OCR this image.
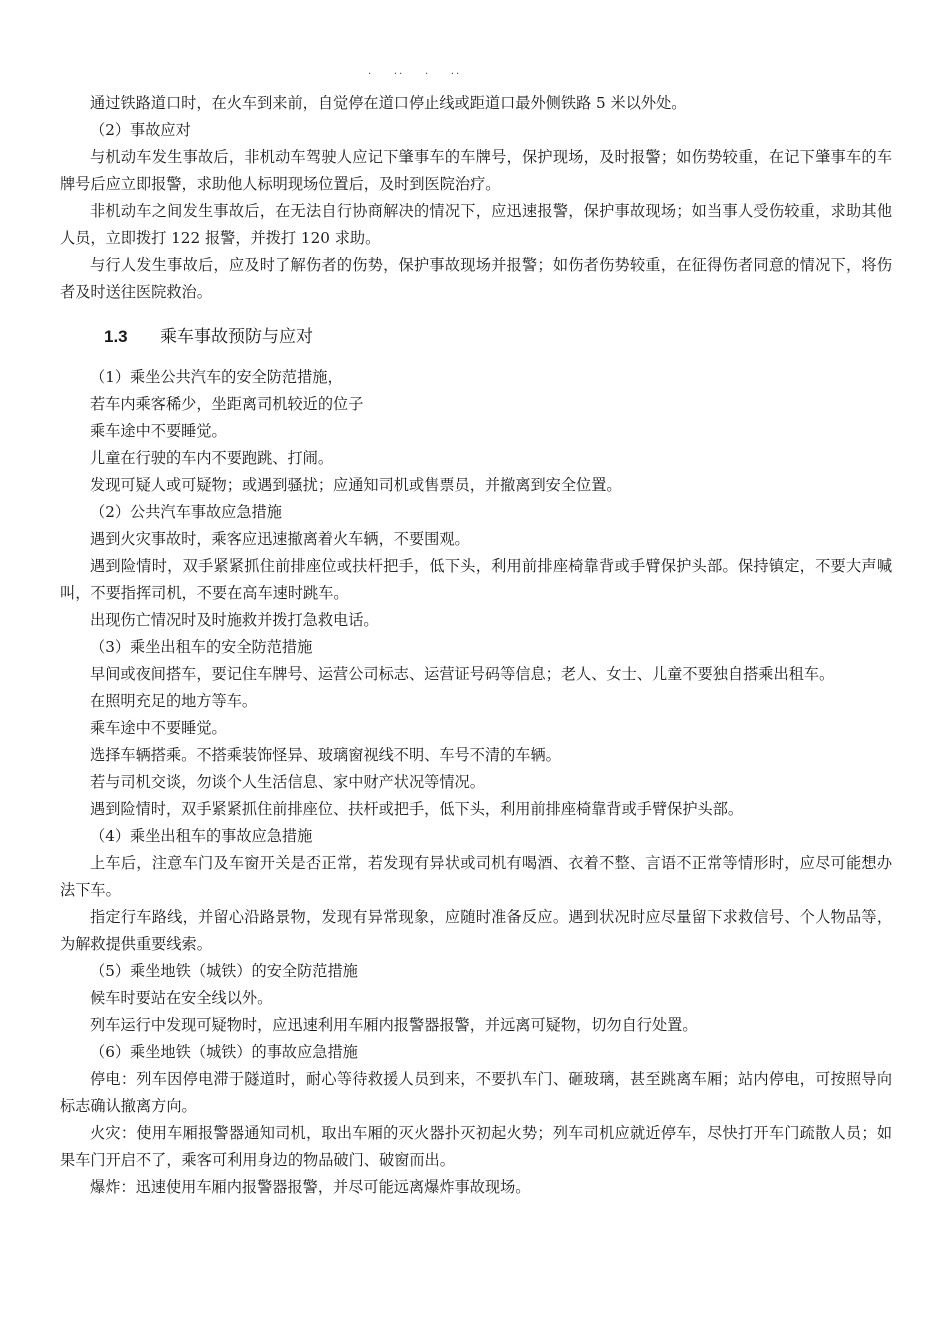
.    ..    .    ..

通过铁路道口时，在火车到来前，自觉停在道口停止线或距道口最外侧铁路 5 米以外处。

（2）事故应对

与机动车发生事故后，非机动车驾驶人应记下肇事车的车牌号，保护现场，及时报警；如伤势较重，在记下肇事车的车牌号后应立即报警，求助他人标明现场位置后，及时到医院治疗。

非机动车之间发生事故后，在无法自行协商解决的情况下，应迅速报警，保护事故现场；如当事人受伤较重，求助其他人员，立即拨打 122 报警，并拨打 120 求助。

与行人发生事故后，应及时了解伤者的伤势，保护事故现场并报警；如伤者伤势较重，在征得伤者同意的情况下，将伤者及时送往医院救治。

1.3 乘车事故预防与应对

（1）乘坐公共汽车的安全防范措施，

若车内乘客稀少，坐距离司机较近的位子

乘车途中不要睡觉。

儿童在行驶的车内不要跑跳、打闹。

发现可疑人或可疑物；或遇到骚扰；应通知司机或售票员，并撤离到安全位置。

（2）公共汽车事故应急措施

遇到火灾事故时，乘客应迅速撤离着火车辆，不要围观。

遇到险情时，双手紧紧抓住前排座位或扶杆把手，低下头，利用前排座椅靠背或手臂保护头部。保持镇定，不要大声喊叫，不要指挥司机，不要在高车速时跳车。

出现伤亡情况时及时施救并拨打急救电话。

（3）乘坐出租车的安全防范措施

早间或夜间搭车，要记住车牌号、运营公司标志、运营证号码等信息；老人、女士、儿童不要独自搭乘出租车。

在照明充足的地方等车。

乘车途中不要睡觉。

选择车辆搭乘。不搭乘装饰怪异、玻璃窗视线不明、车号不清的车辆。

若与司机交谈，勿谈个人生活信息、家中财产状况等情况。

遇到险情时，双手紧紧抓住前排座位、扶杆或把手，低下头，利用前排座椅靠背或手臂保护头部。

（4）乘坐出租车的事故应急措施

上车后，注意车门及车窗开关是否正常，若发现有异状或司机有喝酒、衣着不整、言语不正常等情形时，应尽可能想办法下车。

指定行车路线，并留心沿路景物，发现有异常现象，应随时准备反应。遇到状况时应尽量留下求救信号、个人物品等，为解救提供重要线索。

（5）乘坐地铁（城铁）的安全防范措施

候车时要站在安全线以外。

列车运行中发现可疑物时，应迅速利用车厢内报警器报警，并远离可疑物，切勿自行处置。

（6）乘坐地铁（城铁）的事故应急措施

停电：列车因停电滞于隧道时，耐心等待救援人员到来，不要扒车门、砸玻璃，甚至跳离车厢；站内停电，可按照导向标志确认撤离方向。

火灾：使用车厢报警器通知司机，取出车厢的灭火器扑灭初起火势；列车司机应就近停车，尽快打开车门疏散人员；如果车门开启不了，乘客可利用身边的物品破门、破窗而出。

爆炸：迅速使用车厢内报警器报警，并尽可能远离爆炸事故现场。
